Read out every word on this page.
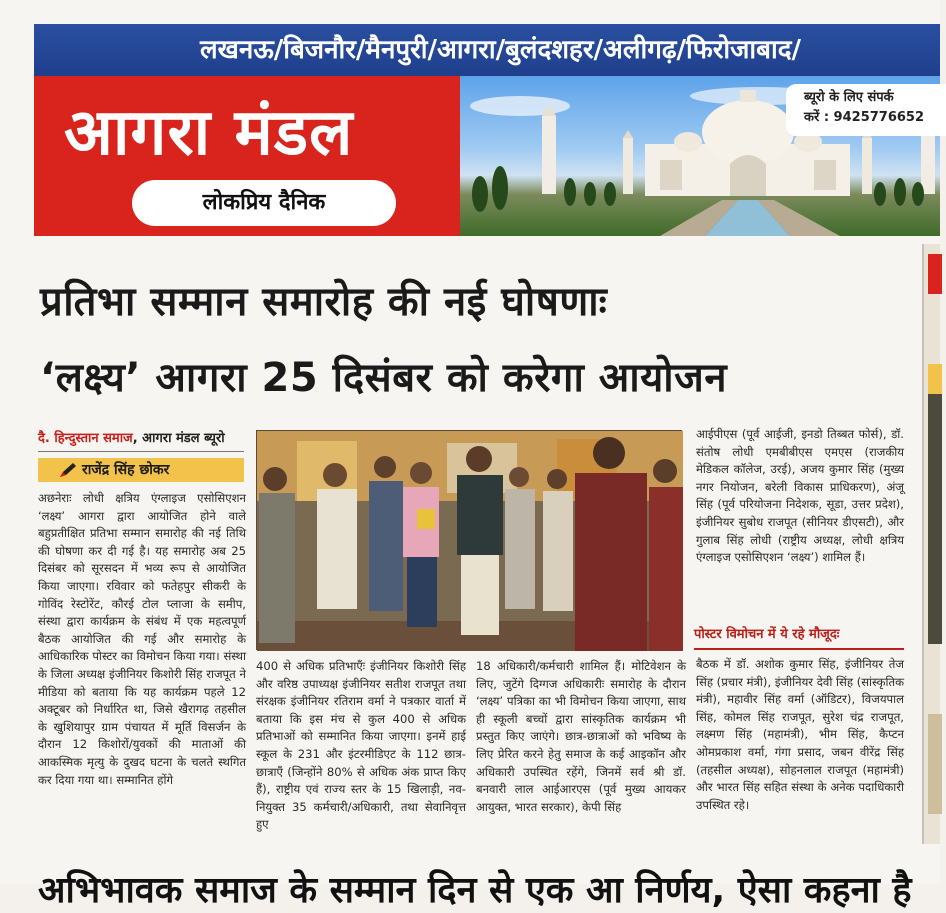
लखनऊ/बिजनौर/मैनपुरी/आगरा/बुलंदशहर/अलीगढ़/फिरोजाबाद/
आगरा मंडल
लोकप्रिय दैनिक
ब्यूरो के लिए संपर्क
करें : 9425776652
प्रतिभा सम्मान समारोह की नई घोषणाः
‘लक्ष्य’ आगरा 25 दिसंबर को करेगा आयोजन
दै. हिन्दुस्तान समाज, आगरा मंडल ब्यूरो
राजेंद्र सिंह छोकर
अछनेराः लोधी क्षत्रिय एंग्लाइज एसोसिएशन ‘लक्ष्य’ आगरा द्वारा आयोजित होने वाले बहुप्रतीक्षित प्रतिभा सम्मान समारोह की नई तिथि की घोषणा कर दी गई है। यह समारोह अब 25 दिसंबर को सूरसदन में भव्य रूप से आयोजित किया जाएगा। रविवार को फतेहपुर सीकरी के गोविंद रेस्टोरेंट, कौरई टोल प्लाजा के समीप, संस्था द्वारा कार्यक्रम के संबंध में एक महत्वपूर्ण बैठक आयोजित की गई और समारोह के आधिकारिक पोस्टर का विमोचन किया गया। संस्था के जिला अध्यक्ष इंजीनियर किशोरी सिंह राजपूत ने मीडिया को बताया कि यह कार्यक्रम पहले 12 अक्टूबर को निर्धारित था, जिसे खैरागढ़ तहसील के खुशियापुर ग्राम पंचायत में मूर्ति विसर्जन के दौरान 12 किशोरों/युवकों की माताओं की आकस्मिक मृत्यु के दुखद घटना के चलते स्थगित कर दिया गया था। सम्मानित होंगे
400 से अधिक प्रतिभाएँः इंजीनियर किशोरी सिंह और वरिष्ठ उपाध्यक्ष इंजीनियर सतीश राजपूत तथा संरक्षक इंजीनियर रतिराम वर्मा ने पत्रकार वार्ता में बताया कि इस मंच से कुल 400 से अधिक प्रतिभाओं को सम्मानित किया जाएगा। इनमें हाई स्कूल के 231 और इंटरमीडिएट के 112 छात्र-छात्राएँ (जिन्होंने 80% से अधिक अंक प्राप्त किए हैं), राष्ट्रीय एवं राज्य स्तर के 15 खिलाड़ी, नव-नियुक्त 35 कर्मचारी/अधिकारी, तथा सेवानिवृत्त हुए
18 अधिकारी/कर्मचारी शामिल हैं। मोटिवेशन के लिए, जुटेंगे दिग्गज अधिकारीः समारोह के दौरान ‘लक्ष्य’ पत्रिका का भी विमोचन किया जाएगा, साथ ही स्कूली बच्चों द्वारा सांस्कृतिक कार्यक्रम भी प्रस्तुत किए जाएंगे। छात्र-छात्राओं को भविष्य के लिए प्रेरित करने हेतु समाज के कई आइकॉन और अधिकारी उपस्थित रहेंगे, जिनमें सर्व श्री डॉ. बनवारी लाल आईआरएस (पूर्व मुख्य आयकर आयुक्त, भारत सरकार), केपी सिंह
आईपीएस (पूर्व आईजी, इनडो तिब्बत फोर्स), डॉ. संतोष लोधी एमबीबीएस एमएस (राजकीय मेडिकल कॉलेज, उरई), अजय कुमार सिंह (मुख्य नगर नियोजन, बरेली विकास प्राधिकरण), अंजू सिंह (पूर्व परियोजना निदेशक, सूडा, उत्तर प्रदेश), इंजीनियर सुबोध राजपूत (सीनियर डीएसटी), और गुलाब सिंह लोधी (राष्ट्रीय अध्यक्ष, लोधी क्षत्रिय एंग्लाइज एसोसिएशन ‘लक्ष्य’) शामिल हैं।
पोस्टर विमोचन में ये रहे मौजूदः
बैठक में डॉ. अशोक कुमार सिंह, इंजीनियर तेज सिंह (प्रचार मंत्री), इंजीनियर देवी सिंह (सांस्कृतिक मंत्री), महावीर सिंह वर्मा (ऑडिटर), विजयपाल सिंह, कोमल सिंह राजपूत, सुरेश चंद्र राजपूत, लक्ष्मण सिंह (महामंत्री), भीम सिंह, कैप्टन ओमप्रकाश वर्मा, गंगा प्रसाद, जबन वीरेंद्र सिंह (तहसील अध्यक्ष), सोहनलाल राजपूत (महामंत्री) और भारत सिंह सहित संस्था के अनेक पदाधिकारी उपस्थित रहे।
अभिभावक समाज के सम्मान दिन से एक आ निर्णय, ऐसा कहना है
